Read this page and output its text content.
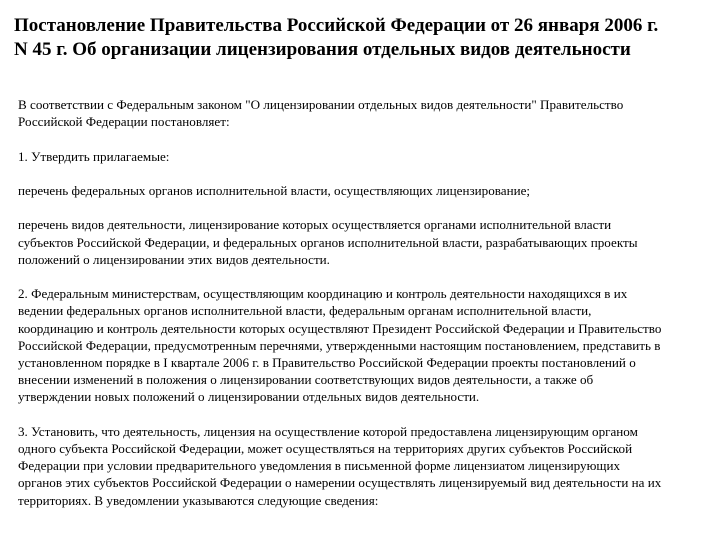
Постановление Правительства Российской Федерации от 26 января 2006 г.
N 45 г. Об организации лицензирования отдельных видов деятельности

В соответствии с Федеральным законом "О лицензировании отдельных видов деятельности" Правительство
Российской Федерации постановляет:

1. Утвердить прилагаемые:

перечень федеральных органов исполнительной власти, осуществляющих лицензирование;

перечень видов деятельности, лицензирование которых осуществляется органами исполнительной власти
субъектов Российской Федерации, и федеральных органов исполнительной власти, разрабатывающих проекты
положений о лицензировании этих видов деятельности.

2. Федеральным министерствам, осуществляющим координацию и контроль деятельности находящихся в их
ведении федеральных органов исполнительной власти, федеральным органам исполнительной власти,
координацию и контроль деятельности которых осуществляют Президент Российской Федерации и Правительство
Российской Федерации, предусмотренным перечнями, утвержденными настоящим постановлением, представить в
установленном порядке в I квартале 2006 г. в Правительство Российской Федерации проекты постановлений о
внесении изменений в положения о лицензировании соответствующих видов деятельности, а также об
утверждении новых положений о лицензировании отдельных видов деятельности.

3. Установить, что деятельность, лицензия на осуществление которой предоставлена лицензирующим органом
одного субъекта Российской Федерации, может осуществляться на территориях других субъектов Российской
Федерации при условии предварительного уведомления в письменной форме лицензиатом лицензирующих
органов этих субъектов Российской Федерации о намерении осуществлять лицензируемый вид деятельности на их
территориях. В уведомлении указываются следующие сведения:
